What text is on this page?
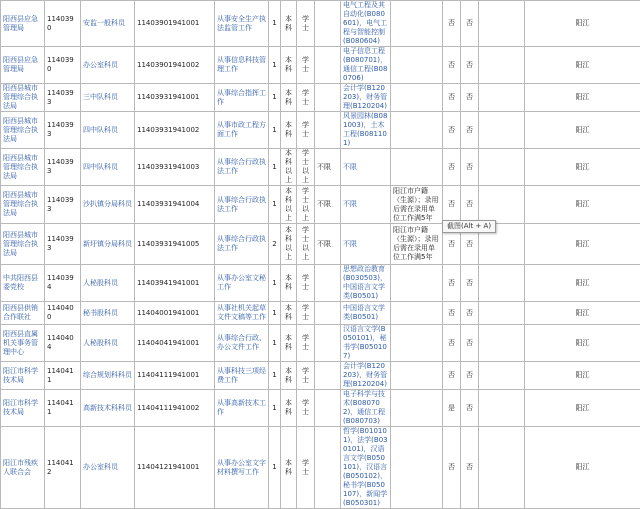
阳西县应急管理局	1140390	安监一般科员	11403901941001	从事安全生产执法监管工作	1	本科	学士		电气工程及其自动化(B080601)，电气工程与智能控制(B080604)		否	否		阳江
阳西县应急管理局	1140390	办公室科员	11403901941002	从事信息科技管理工作	1	本科	学士		电子信息工程(B080701)，通信工程(B080706)		否	否		阳江
阳西县城市管理综合执法局	1140393	三中队科员	11403931941001	从事综合指挥工作	1	本科	学士		会计学(B120203)，财务管理(B120204)		否	否		阳江
阳西县城市管理综合执法局	1140393	四中队科员	11403931941002	从事市政工程方面工作	1	本科	学士		风景园林(B081003)，土木工程(B081101)		否	否		阳江
阳西县城市管理综合执法局	1140393	四中队科员	11403931941003	从事综合行政执法工作	1	本科以上	学士以上	不限	不限		否	否		阳江
阳西县城市管理综合执法局	1140393	沙扒镇分局科员	11403931941004	从事综合行政执法工作	1	本科以上	学士以上	不限	不限	阳江市户籍（生源）；录用后需在录用单位工作满5年	否	否		阳江
阳西县城市管理综合执法局	1140393	新圩镇分局科员	11403931941005	从事综合行政执法工作	2	本科以上	学士以上	不限	不限	阳江市户籍（生源）；录用后需在录用单位工作满5年	否	否		阳江
中共阳西县委党校	1140394	人秘股科员	11403941941001	从事办公室文秘工作	1	本科	学士		思想政治教育(B030503)，中国语言文学类(B0501)		否	否		阳江
阳西县供销合作联社	1140400	秘书股科员	11404001941001	从事社机关起草文件文稿等工作	1	本科	学士		中国语言文学类(B0501)		否	否		阳江
阳西县直属机关事务管理中心	1140404	人秘股科员	11404041941001	从事综合行政、办公文件工作	1	本科	学士		汉语言文学(B050101)，秘书学(B050107)		否	否		阳江
阳江市科学技术局	1140411	综合规划科科员	11404111941001	从事科技三项经费工作	1	本科	学士		会计学(B120203)，财务管理(B120204)		否	否		阳江
阳江市科学技术局	1140411	高新技术科科员	11404111941002	从事高新技术工作	1	本科	学士		电子科学与技术(B080702)，通信工程(B080703)		是	否		阳江
阳江市残疾人联合会	1140412	办公室科员	11404121941001	从事办公室文字材料撰写工作	1	本科	学士		哲学(B010101)，法学(B030101)，汉语言文学(B050101)，汉语言(B050102)，秘书学(B050107)，新闻学(B050301)		否	否		阳江
截图(Alt + A)
